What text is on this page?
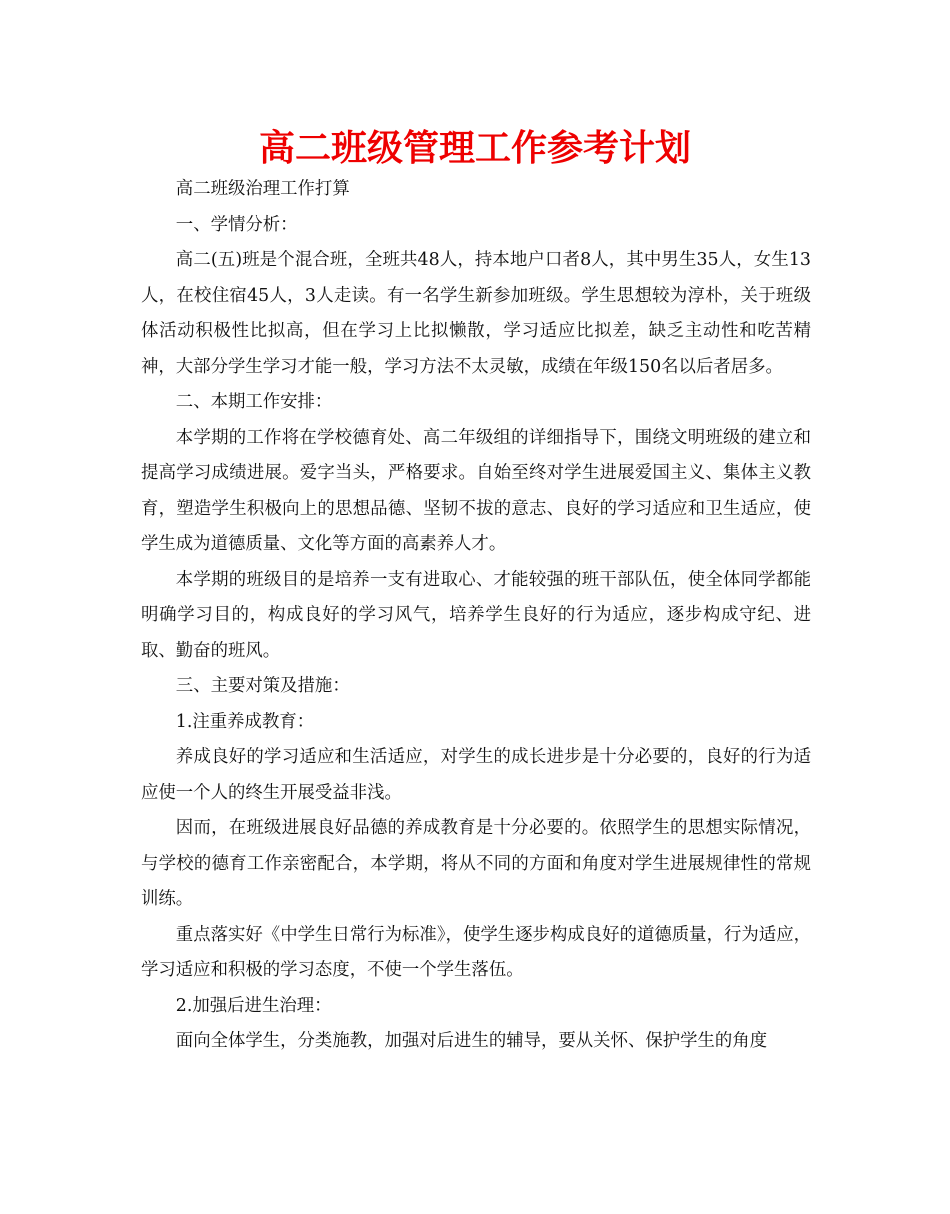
高二班级管理工作参考计划

高二班级治理工作打算

一、学情分析：

高二(五)班是个混合班，全班共48人，持本地户口者8人，其中男生35人，女生13人，在校住宿45人，3人走读。有一名学生新参加班级。学生思想较为淳朴，关于班级体活动积极性比拟高，但在学习上比拟懒散，学习适应比拟差，缺乏主动性和吃苦精神，大部分学生学习才能一般，学习方法不太灵敏，成绩在年级150名以后者居多。

二、本期工作安排：

本学期的工作将在学校德育处、高二年级组的详细指导下，围绕文明班级的建立和提高学习成绩进展。爱字当头，严格要求。自始至终对学生进展爱国主义、集体主义教育，塑造学生积极向上的思想品德、坚韧不拔的意志、良好的学习适应和卫生适应，使学生成为道德质量、文化等方面的高素养人才。

本学期的班级目的是培养一支有进取心、才能较强的班干部队伍，使全体同学都能明确学习目的，构成良好的学习风气，培养学生良好的行为适应，逐步构成守纪、进取、勤奋的班风。

三、主要对策及措施：

1.注重养成教育：

养成良好的学习适应和生活适应，对学生的成长进步是十分必要的，良好的行为适应使一个人的终生开展受益非浅。

因而，在班级进展良好品德的养成教育是十分必要的。依照学生的思想实际情况，与学校的德育工作亲密配合，本学期，将从不同的方面和角度对学生进展规律性的常规训练。

重点落实好《中学生日常行为标准》，使学生逐步构成良好的道德质量，行为适应，学习适应和积极的学习态度，不使一个学生落伍。

2.加强后进生治理：

面向全体学生，分类施教，加强对后进生的辅导，要从关怀、保护学生的角度
